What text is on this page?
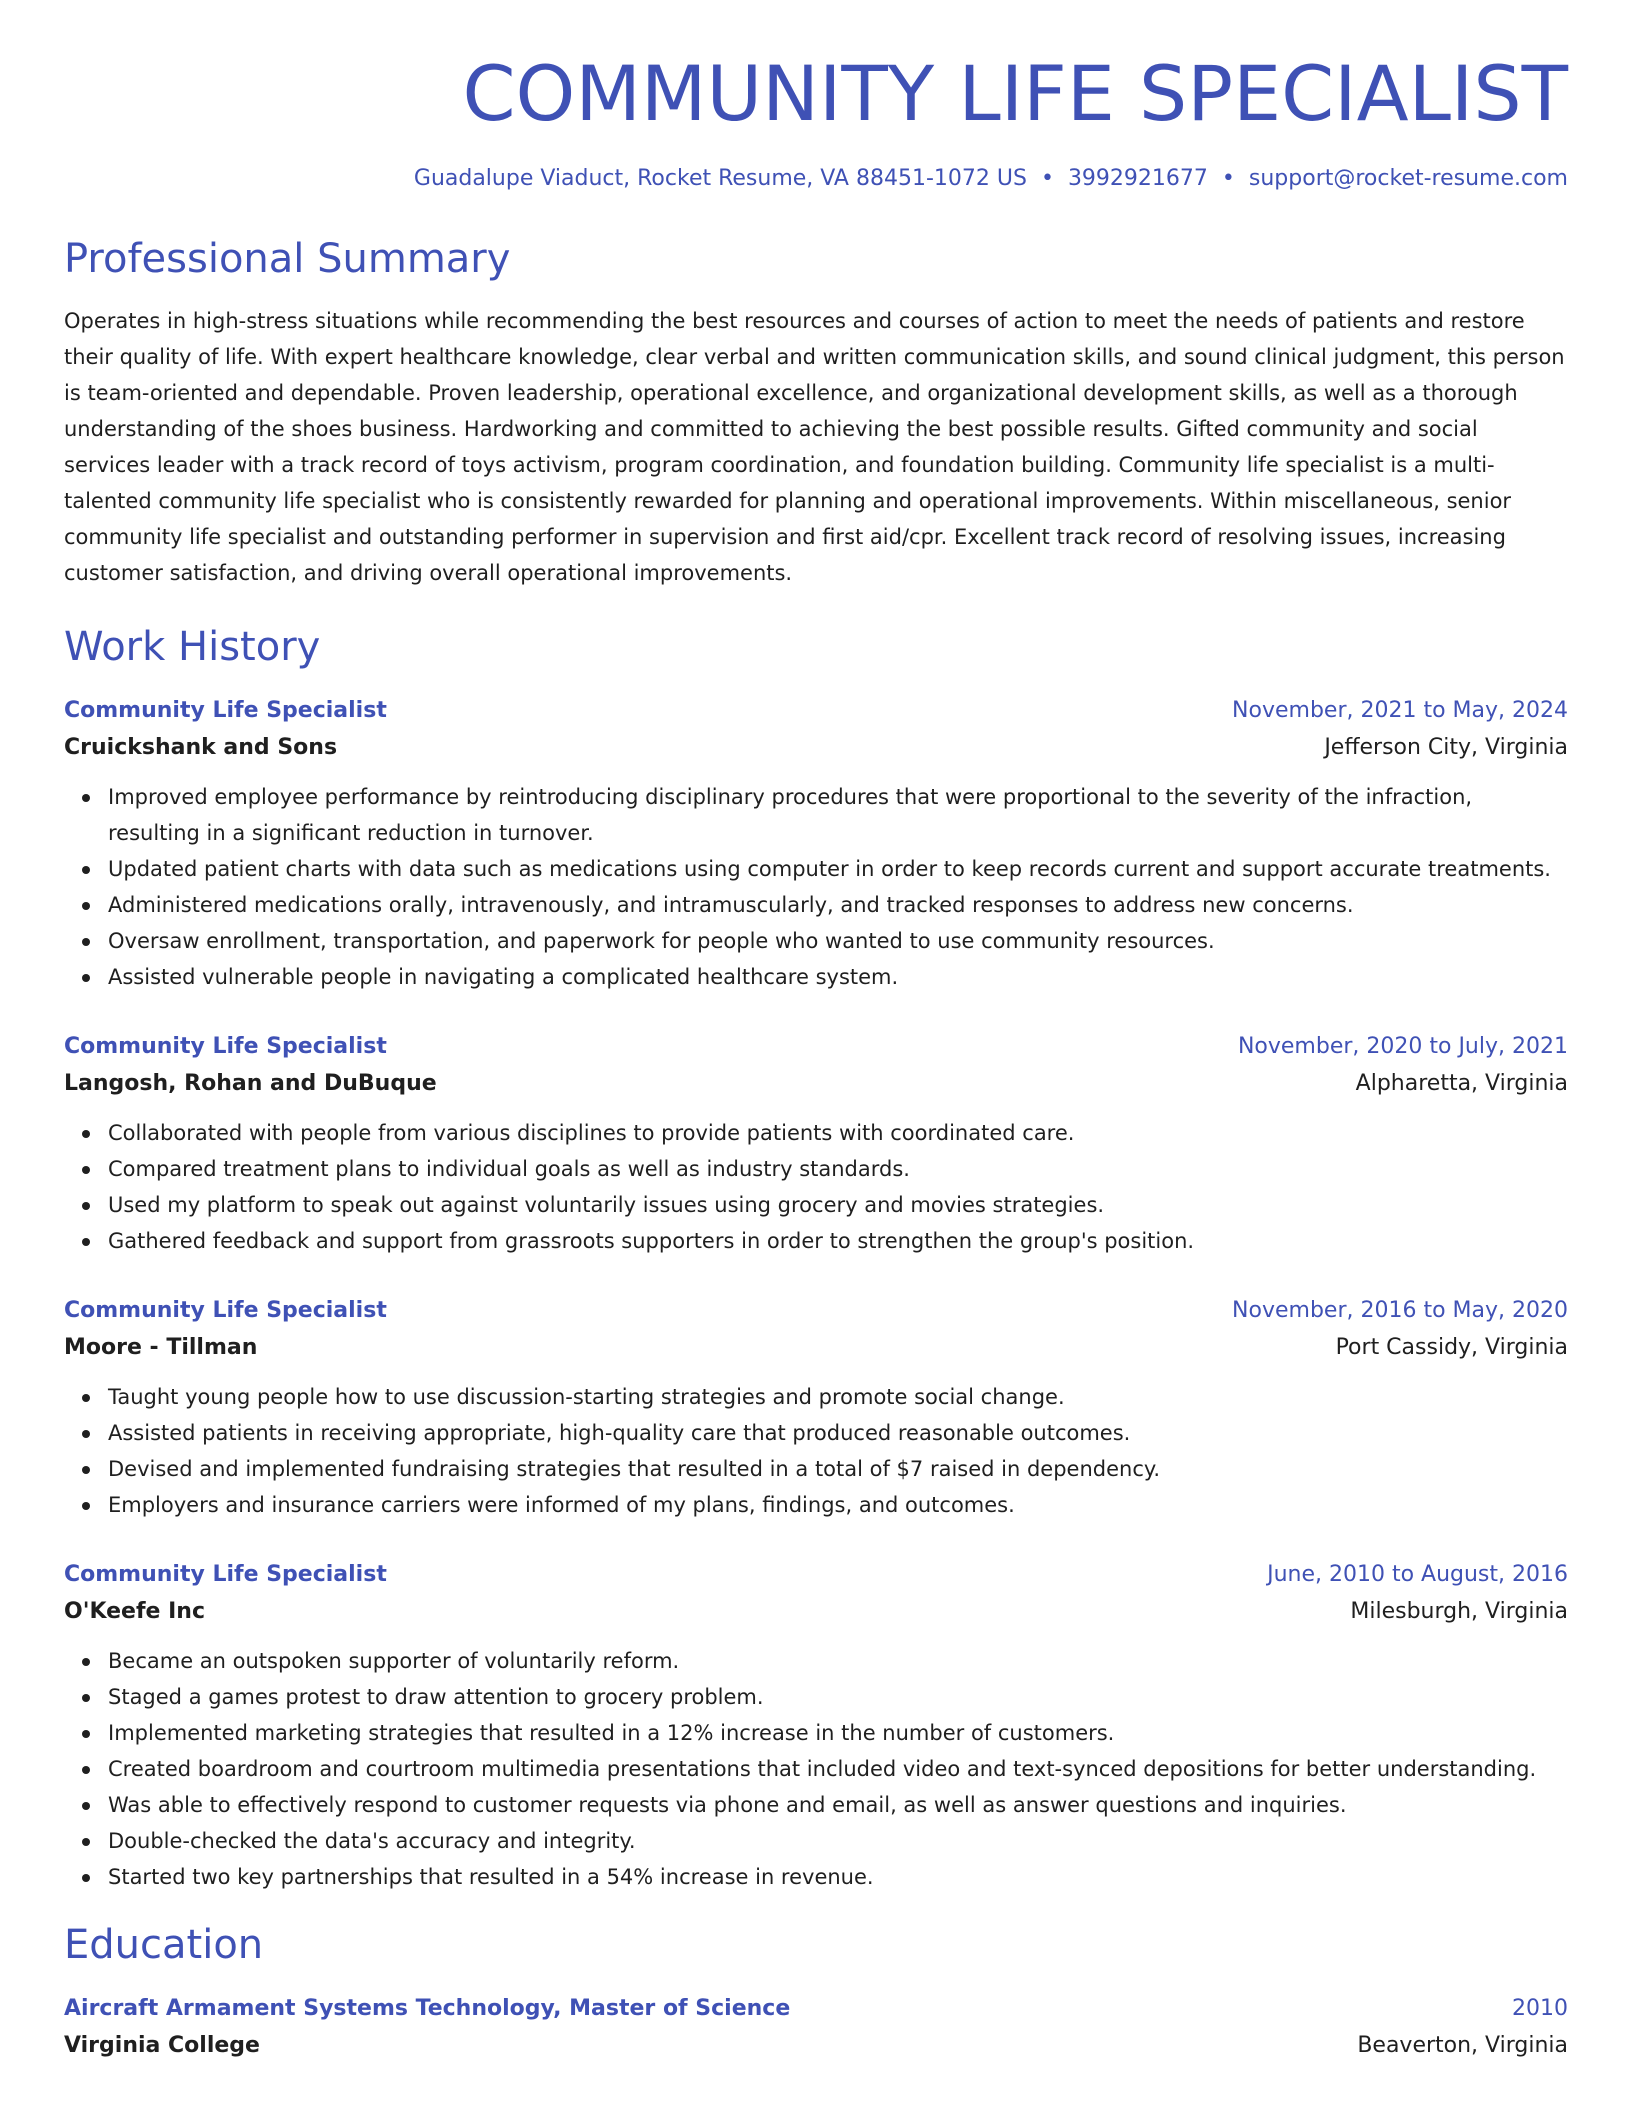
COMMUNITY LIFE SPECIALIST
Guadalupe Viaduct, Rocket Resume, VA 88451-1072 US • 3992921677 • support@rocket-resume.com
Professional Summary

Operates in high-stress situations while recommending the best resources and courses of action to meet the needs of patients and restore their quality of life. With expert healthcare knowledge, clear verbal and written communication skills, and sound clinical judgment, this person is team-oriented and dependable. Proven leadership, operational excellence, and organizational development skills, as well as a thorough understanding of the shoes business. Hardworking and committed to achieving the best possible results. Gifted community and social services leader with a track record of toys activism, program coordination, and foundation building. Community life specialist is a multi-talented community life specialist who is consistently rewarded for planning and operational improvements. Within miscellaneous, senior community life specialist and outstanding performer in supervision and first aid/cpr. Excellent track record of resolving issues, increasing customer satisfaction, and driving overall operational improvements.

Work History
Community Life Specialist	November, 2021 to May, 2024
Cruickshank and Sons	Jefferson City, Virginia
Improved employee performance by reintroducing disciplinary procedures that were proportional to the severity of the infraction, resulting in a significant reduction in turnover.
Updated patient charts with data such as medications using computer in order to keep records current and support accurate treatments.
Administered medications orally, intravenously, and intramuscularly, and tracked responses to address new concerns.
Oversaw enrollment, transportation, and paperwork for people who wanted to use community resources.
Assisted vulnerable people in navigating a complicated healthcare system.
Community Life Specialist	November, 2020 to July, 2021
Langosh, Rohan and DuBuque	Alpharetta, Virginia
Collaborated with people from various disciplines to provide patients with coordinated care.
Compared treatment plans to individual goals as well as industry standards.
Used my platform to speak out against voluntarily issues using grocery and movies strategies.
Gathered feedback and support from grassroots supporters in order to strengthen the group's position.
Community Life Specialist	November, 2016 to May, 2020
Moore - Tillman	Port Cassidy, Virginia
Taught young people how to use discussion-starting strategies and promote social change.
Assisted patients in receiving appropriate, high-quality care that produced reasonable outcomes.
Devised and implemented fundraising strategies that resulted in a total of $7 raised in dependency.
Employers and insurance carriers were informed of my plans, findings, and outcomes.
Community Life Specialist	June, 2010 to August, 2016
O'Keefe Inc	Milesburgh, Virginia
Became an outspoken supporter of voluntarily reform.
Staged a games protest to draw attention to grocery problem.
Implemented marketing strategies that resulted in a 12% increase in the number of customers.
Created boardroom and courtroom multimedia presentations that included video and text-synced depositions for better understanding.
Was able to effectively respond to customer requests via phone and email, as well as answer questions and inquiries.
Double-checked the data's accuracy and integrity.
Started two key partnerships that resulted in a 54% increase in revenue.
Education
Aircraft Armament Systems Technology, Master of Science	2010
Virginia College	Beaverton, Virginia
